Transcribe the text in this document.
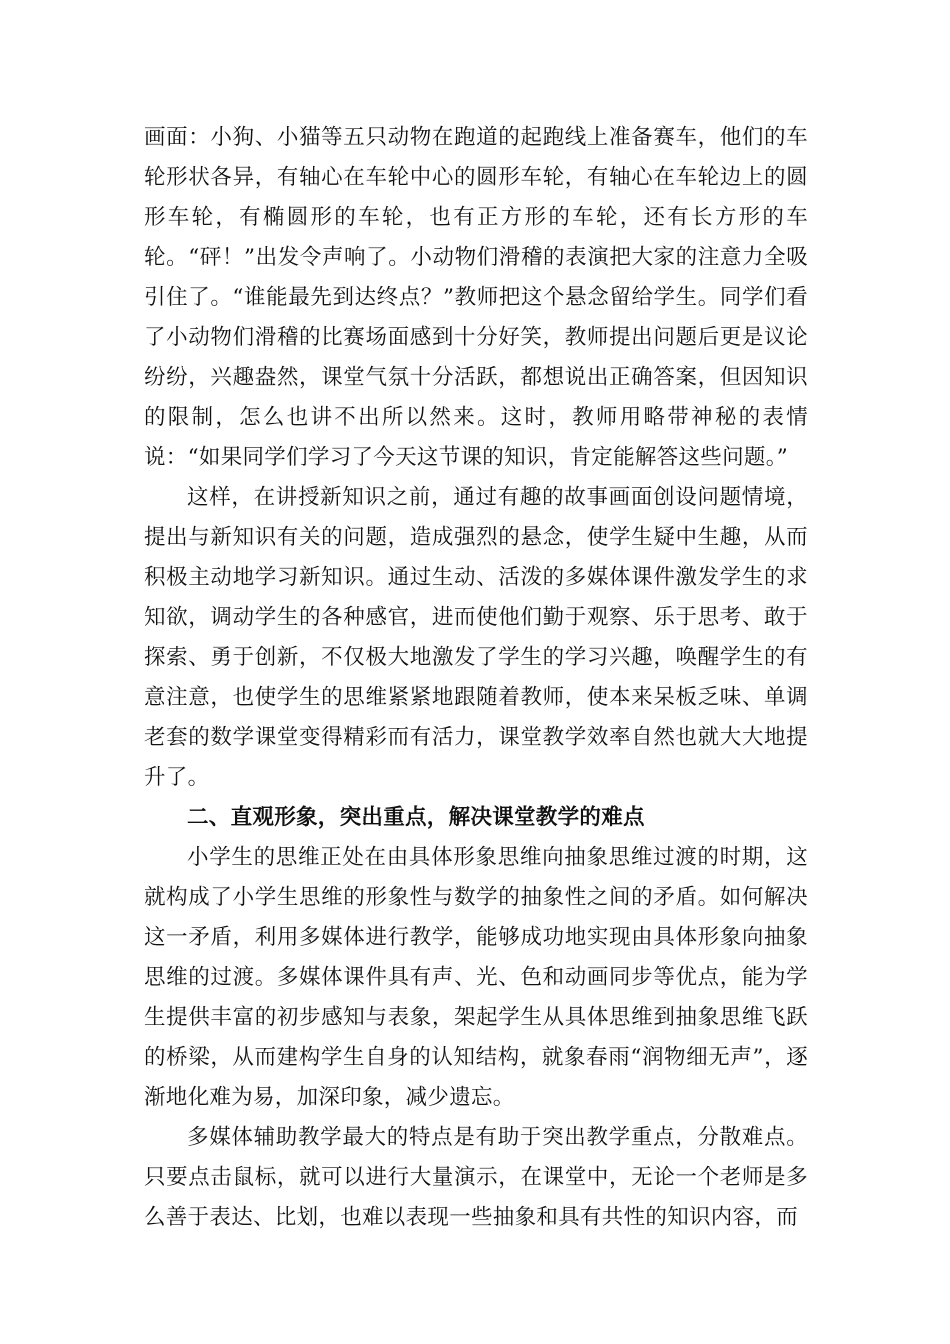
画面：小狗、小猫等五只动物在跑道的起跑线上准备赛车，他们的车轮形状各异，有轴心在车轮中心的圆形车轮，有轴心在车轮边上的圆形车轮，有椭圆形的车轮，也有正方形的车轮，还有长方形的车轮。“砰！”出发令声响了。小动物们滑稽的表演把大家的注意力全吸引住了。“谁能最先到达终点？”教师把这个悬念留给学生。同学们看了小动物们滑稽的比赛场面感到十分好笑，教师提出问题后更是议论纷纷，兴趣盎然，课堂气氛十分活跃，都想说出正确答案，但因知识的限制，怎么也讲不出所以然来。这时，教师用略带神秘的表情说：“如果同学们学习了今天这节课的知识，肯定能解答这些问题。”

这样，在讲授新知识之前，通过有趣的故事画面创设问题情境，提出与新知识有关的问题，造成强烈的悬念，使学生疑中生趣，从而积极主动地学习新知识。通过生动、活泼的多媒体课件激发学生的求知欲，调动学生的各种感官，进而使他们勤于观察、乐于思考、敢于探索、勇于创新，不仅极大地激发了学生的学习兴趣，唤醒学生的有意注意，也使学生的思维紧紧地跟随着教师，使本来呆板乏味、单调老套的数学课堂变得精彩而有活力，课堂教学效率自然也就大大地提升了。

二、直观形象，突出重点，解决课堂教学的难点

小学生的思维正处在由具体形象思维向抽象思维过渡的时期，这就构成了小学生思维的形象性与数学的抽象性之间的矛盾。如何解决这一矛盾，利用多媒体进行教学，能够成功地实现由具体形象向抽象思维的过渡。多媒体课件具有声、光、色和动画同步等优点，能为学生提供丰富的初步感知与表象，架起学生从具体思维到抽象思维飞跃的桥梁，从而建构学生自身的认知结构，就象春雨“润物细无声”，逐渐地化难为易，加深印象，减少遗忘。

多媒体辅助教学最大的特点是有助于突出教学重点，分散难点。只要点击鼠标，就可以进行大量演示，在课堂中，无论一个老师是多么善于表达、比划，也难以表现一些抽象和具有共性的知识内容，而
